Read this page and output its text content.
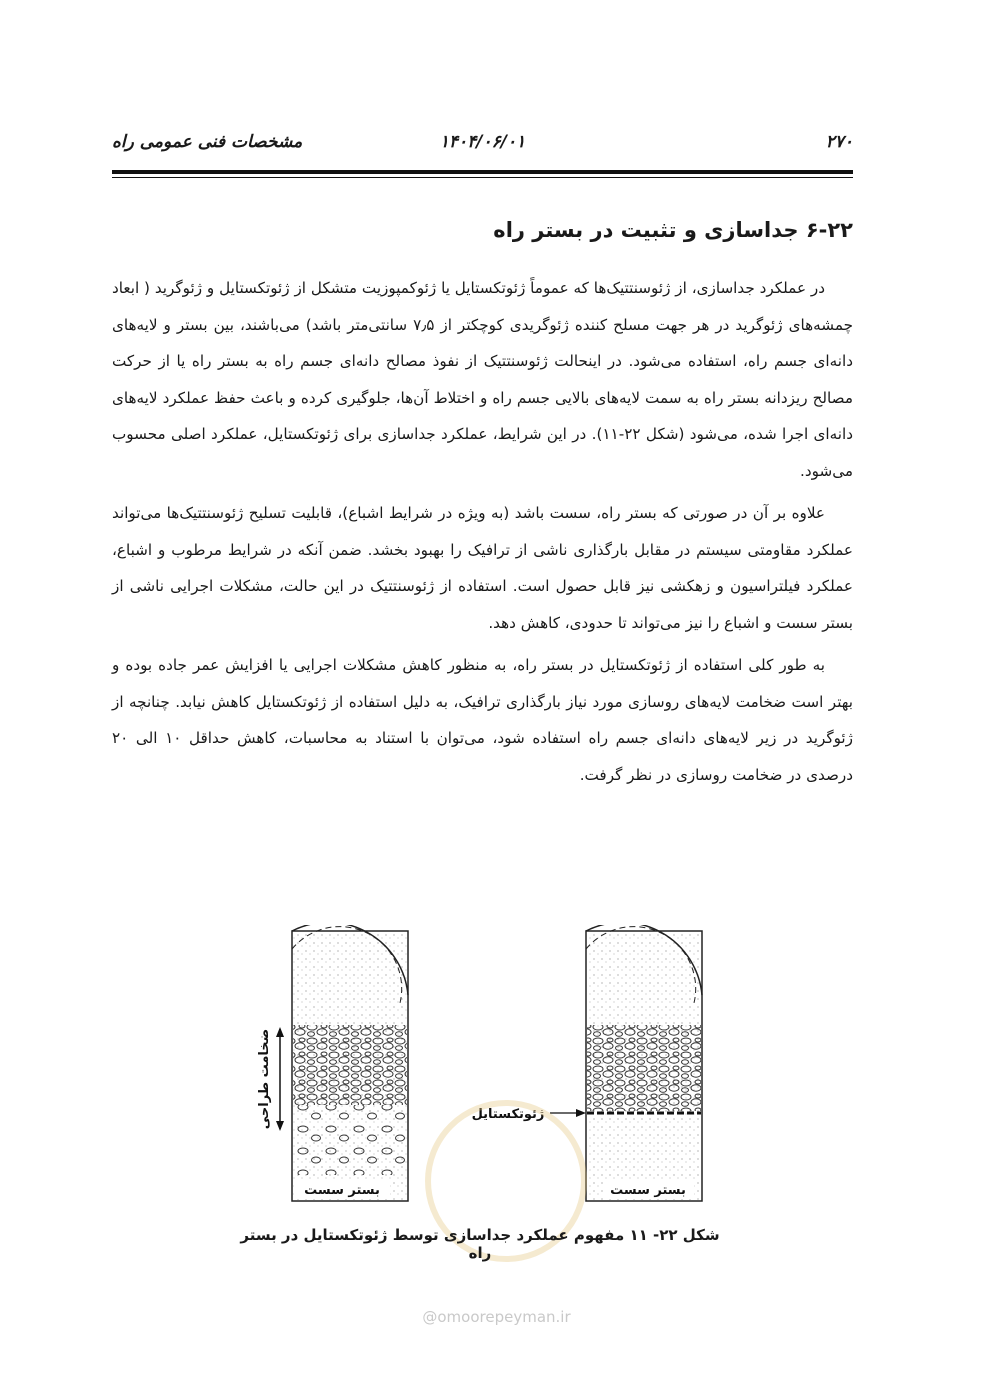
۲۷۰
۱۴۰۴/۰۶/۰۱
مشخصات فنی عمومی راه
۶-۲۲ جداسازی و تثبیت در بستر راه

در عملکرد جداسازی، از ژئوسنتتیک‌ها که عموماً ژئوتکستایل یا ژئوکمپوزیت متشکل از ژئوتکستایل و ژئوگرید ( ابعاد چمشه‌های ژئوگرید در هر جهت مسلح کننده ژئوگریدی کوچکتر از ۷٫۵ سانتی‌متر باشد) می‌باشند، بین بستر و لایه‌های دانه‌ای جسم راه، استفاده می‌شود. در اینحالت ژئوسنتتیک از نفوذ مصالح دانه‌ای جسم راه به بستر راه یا از حرکت مصالح ریزدانه بستر راه به سمت لایه‌های بالایی جسم راه و اختلاط آن‌ها، جلوگیری کرده و باعث حفظ عملکرد لایه‌های دانه‌ای اجرا شده، می‌شود (شکل ۲۲-۱۱). در این شرایط، عملکرد جداسازی برای ژئوتکستایل، عملکرد اصلی محسوب می‌شود.

علاوه بر آن در صورتی که بستر راه، سست باشد (به ویژه در شرایط اشباع)، قابلیت تسلیح ژئوسنتتیک‌ها می‌تواند عملکرد مقاومتی سیستم در مقابل بارگذاری ناشی از ترافیک را بهبود بخشد. ضمن آنکه در شرایط مرطوب و اشباع، عملکرد فیلتراسیون و زهکشی نیز قابل حصول است. استفاده از ژئوسنتتیک در این حالت، مشکلات اجرایی ناشی از بستر سست و اشباع را نیز می‌تواند تا حدودی، کاهش دهد.

به طور کلی استفاده از ژئوتکستایل در بستر راه، به منظور کاهش مشکلات اجرایی یا افزایش عمر جاده بوده و بهتر است ضخامت لایه‌های روسازی مورد نیاز بارگذاری ترافیک، به دلیل استفاده از ژئوتکستایل کاهش نیابد. چنانچه از ژئوگرید در زیر لایه‌های دانه‌ای جسم راه استفاده شود، می‌توان با استناد به محاسبات، کاهش حداقل ۱۰ الی ۲۰ درصدی در ضخامت روسازی در نظر گرفت.

ضخامت طراحی
بستر سست
ژئوتکستایل
بستر سست
شکل ۲۲- ۱۱ مفهوم عملکرد جداسازی توسط ژئوتکستایل در بستر راه
@omoorepeyman.ir
